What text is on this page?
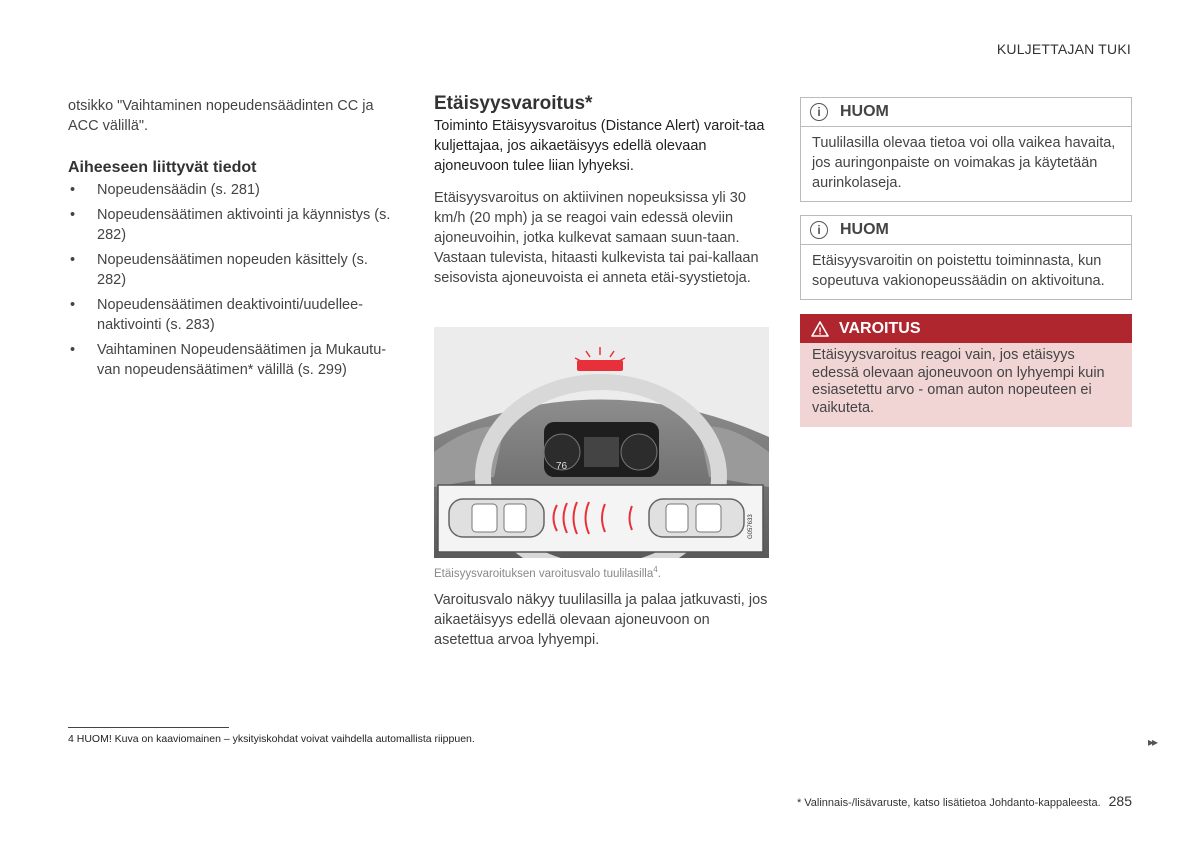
KULJETTAJAN TUKI
otsikko "Vaihtaminen nopeudensäädinten CC ja ACC välillä".
Aiheeseen liittyvät tiedot
• Nopeudensäädin (s. 281)
• Nopeudensäätimen aktivointi ja käynnistys (s. 282)
• Nopeudensäätimen nopeuden käsittely (s. 282)
• Nopeudensäätimen deaktivointi/uudellee-naktivointi (s. 283)
• Vaihtaminen Nopeudensäätimen ja Mukautu-van nopeudensäätimen* välillä (s. 299)
Etäisyysvaroitus*
Toiminto Etäisyysvaroitus (Distance Alert) varoit-taa kuljettajaa, jos aikaetäisyys edellä olevaan ajoneuvoon tulee liian lyhyeksi.
Etäisyysvaroitus on aktiivinen nopeuksissa yli 30 km/h (20 mph) ja se reagoi vain edessä oleviin ajoneuvoihin, jotka kulkevat samaan suun-taan. Vastaan tulevista, hitaasti kulkevista tai pai-kallaan seisovista ajoneuvoista ei anneta etäi-syystietoja.
76
G057633
Etäisyysvaroituksen varoitusvalo tuulilasilla$^4$.
Varoitusvalo näkyy tuulilasilla ja palaa jatkuvasti, jos aikaetäisyys edellä olevaan ajoneuvoon on asetettua arvoa lyhyempi.
i	HUOM
Tuulilasilla olevaa tietoa voi olla vaikea havaita, jos auringonpaiste on voimakas ja käytetään aurinkolaseja.
i	HUOM
Etäisyysvaroitin on poistettu toiminnasta, kun sopeutuva vakionopeussäädin on aktivoituna.
! VAROITUS
Etäisyysvaroitus reagoi vain, jos etäisyys edessä olevaan ajoneuvoon on lyhyempi kuin esiasetettu arvo - oman auton nopeuteen ei vaikuteta.
4 HUOM! Kuva on kaaviomainen – yksityiskohdat voivat vaihdella automallista riippuen.	▸▸
* Valinnais-/lisävaruste, katso lisätietoa Johdanto-kappaleesta. 285
